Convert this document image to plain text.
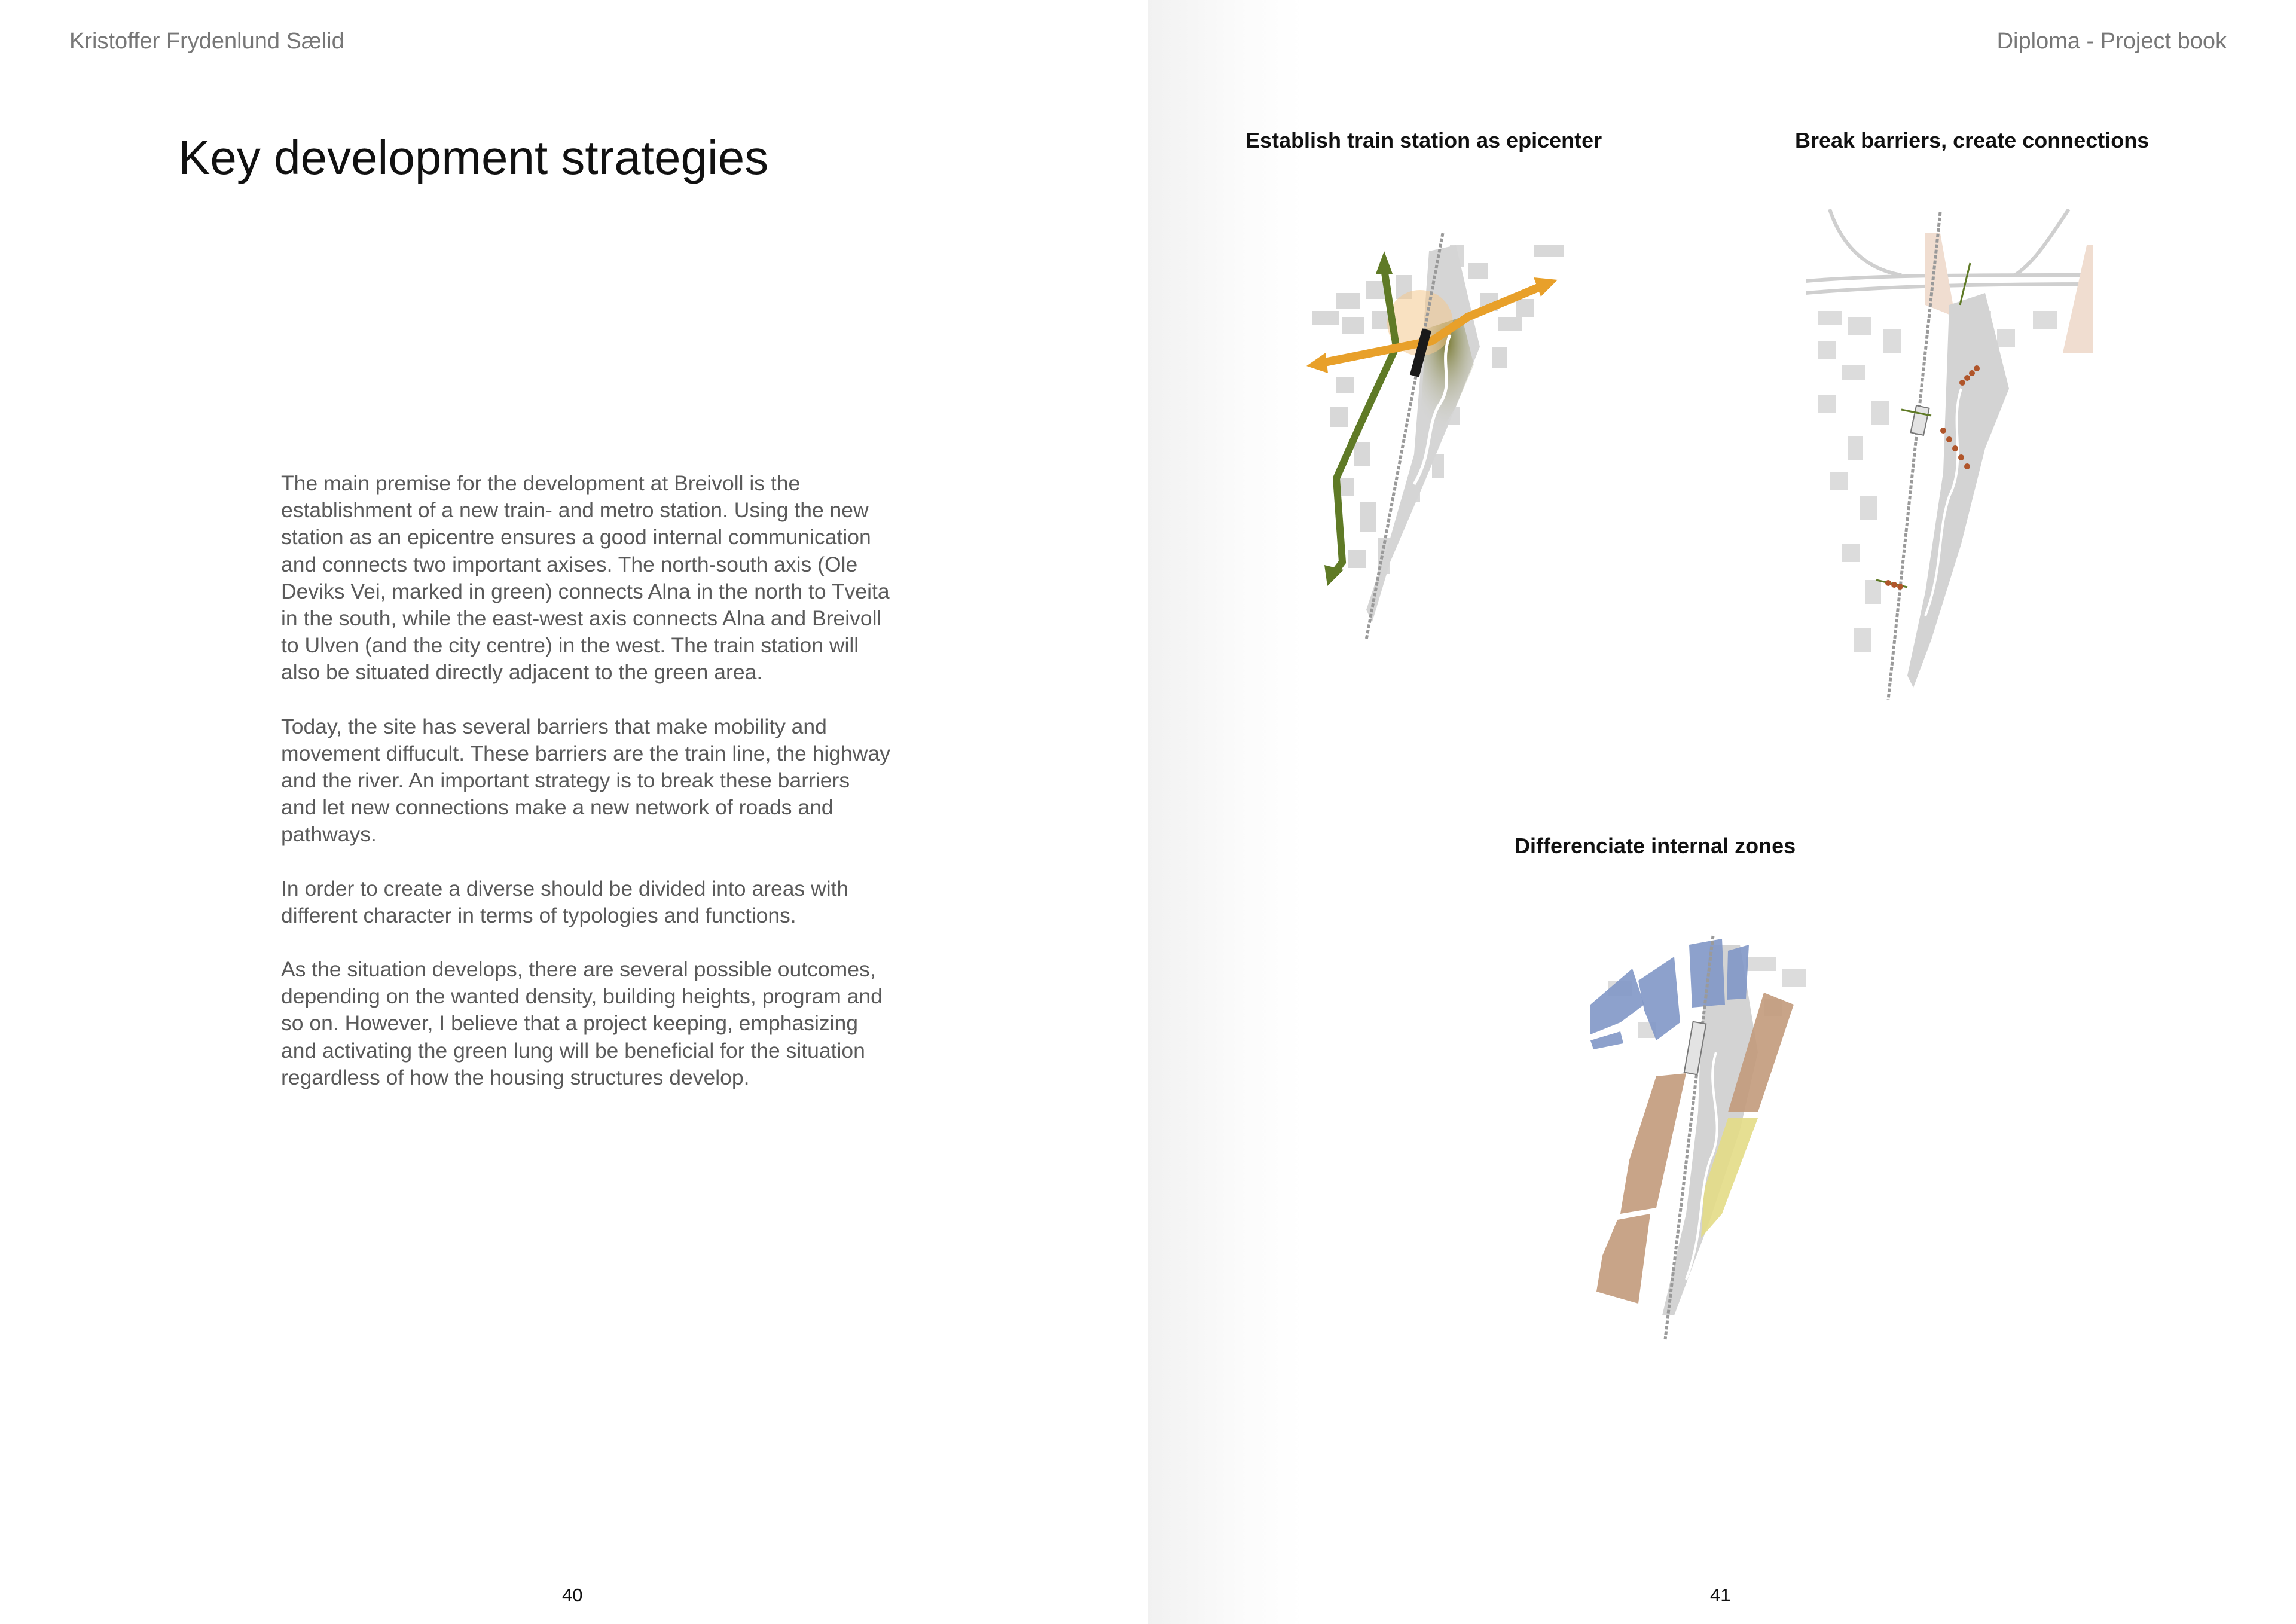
Kristoffer Frydenlund Sælid
Key development strategies

The main premise for the development at Breivoll is the establishment of a new train- and metro station. Using the new station as an epicentre ensures a good internal communication and connects two important axises. The north-south axis (Ole Deviks Vei, marked in green) connects Alna in the north to Tveita in the south, while the east-west axis connects Alna and Breivoll to Ulven (and the city centre) in the west. The train station will also be situated directly adjacent to the green area.

Today, the site has several barriers that make mobility and movement diffucult. These barriers are the train line, the highway and the river. An important strategy is to break these barriers and let new connections make a new network of roads and pathways.

In order to create a diverse should be divided into areas with different character in terms of typologies and functions.

As the situation develops, there are several possible outcomes, depending on the wanted density, building heights, program and so on. However, I believe that a project keeping, emphasizing and activating the green lung will be beneficial for the situation regardless of how the housing structures develop.

40
Diploma - Project book
Establish train station as epicenter	Break barriers, create connections
Differenciate internal zones
41
